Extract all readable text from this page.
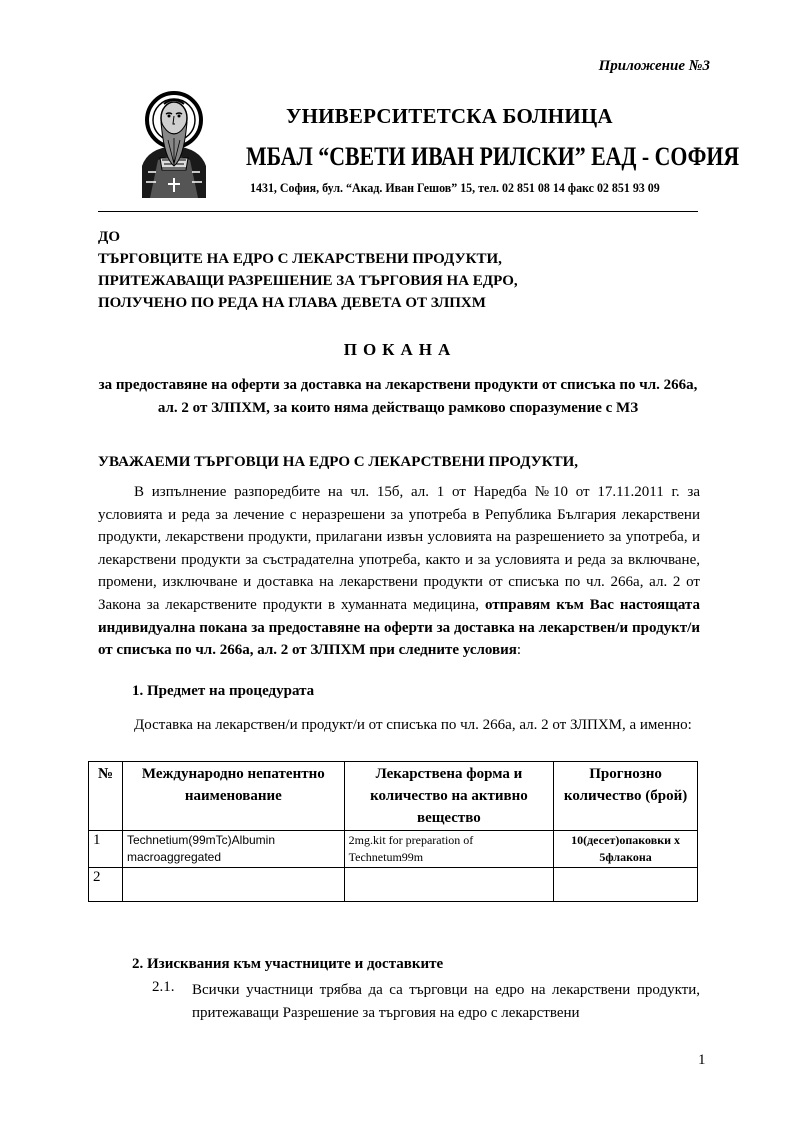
Приложение №3
УНИВЕРСИТЕТСКА БОЛНИЦА
МБАЛ “СВЕТИ ИВАН РИЛСКИ” ЕАД - СОФИЯ
1431, София, бул. “Акад. Иван Гешов” 15, тел. 02 851 08 14 факс 02 851 93 09
ДО
ТЪРГОВЦИТЕ НА ЕДРО С ЛЕКАРСТВЕНИ ПРОДУКТИ,
ПРИТЕЖАВАЩИ РАЗРЕШЕНИЕ ЗА ТЪРГОВИЯ НА ЕДРО,
ПОЛУЧЕНО ПО РЕДА НА ГЛАВА ДЕВЕТА ОТ ЗЛПХМ
ПОКАНА
за предоставяне на оферти за доставка на лекарствени продукти от списъка по чл. 266а, ал. 2 от ЗЛПХМ, за които няма действащо рамково споразумение с МЗ
УВАЖАЕМИ ТЪРГОВЦИ НА ЕДРО С ЛЕКАРСТВЕНИ ПРОДУКТИ,
В изпълнение разпоредбите на чл. 15б, ал. 1 от Наредба №10 от 17.11.2011 г. за условията и реда за лечение с неразрешени за употреба в Република България лекарствени продукти, лекарствени продукти, прилагани извън условията на разрешението за употреба, и лекарствени продукти за състрадателна употреба, както и за условията и реда за включване, промени, изключване и доставка на лекарствени продукти от списъка по чл. 266а, ал. 2 от Закона за лекарствените продукти в хуманната медицина, отправям към Вас настоящата индивидуална покана за предоставяне на оферти за доставка на лекарствен/и продукт/и от списъка по чл. 266а, ал. 2 от ЗЛПХМ при следните условия:
1. Предмет на процедурата
Доставка на лекарствен/и продукт/и от списъка по чл. 266а, ал. 2 от ЗЛПХМ, а именно:
№	Международно непатентно наименование	Лекарствена форма и количество на активно вещество	Прогнозно количество (брой)
1	Technetium(99mTc)Albumin macroaggregated	2mg.kit for preparation of Technetum99m	10(десет)опаковки х 5флакона
2			
2. Изисквания към участниците и доставките
2.1. Всички участници трябва да са търговци на едро на лекарствени продукти, притежаващи Разрешение за търговия на едро с лекарствени
1
